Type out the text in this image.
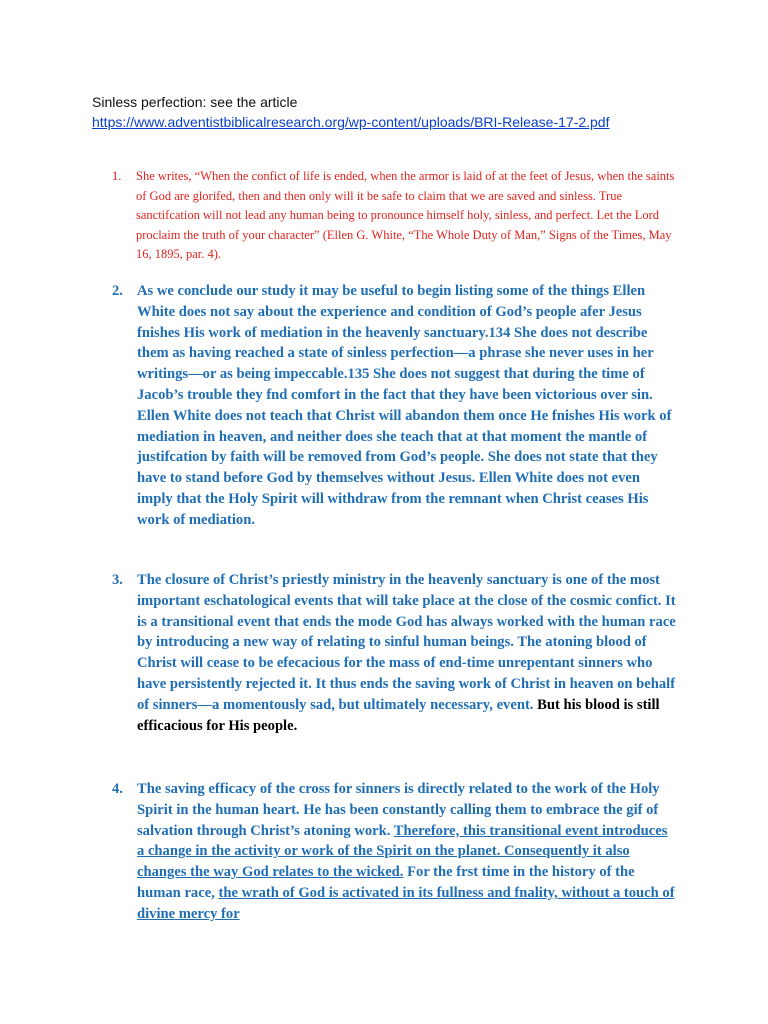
Sinless perfection: see the article
https://www.adventistbiblicalresearch.org/wp-content/uploads/BRI-Release-17-2.pdf
1. She writes, “When the confict of life is ended, when the armor is laid of at the feet of Jesus, when the saints of God are glorifed, then and then only will it be safe to claim that we are saved and sinless. True sanctifcation will not lead any human being to pronounce himself holy, sinless, and perfect. Let the Lord proclaim the truth of your character” (Ellen G. White, “The Whole Duty of Man,” Signs of the Times, May 16, 1895, par. 4).

2. As we conclude our study it may be useful to begin listing some of the things Ellen White does not say about the experience and condition of God’s people afer Jesus fnishes His work of mediation in the heavenly sanctuary.134 She does not describe them as having reached a state of sinless perfection—a phrase she never uses in her writings—or as being impeccable.135 She does not suggest that during the time of Jacob’s trouble they fnd comfort in the fact that they have been victorious over sin. Ellen White does not teach that Christ will abandon them once He fnishes His work of mediation in heaven, and neither does she teach that at that moment the mantle of justifcation by faith will be removed from God’s people. She does not state that they have to stand before God by themselves without Jesus. Ellen White does not even imply that the Holy Spirit will withdraw from the remnant when Christ ceases His work of mediation.

3. The closure of Christ’s priestly ministry in the heavenly sanctuary is one of the most important eschatological events that will take place at the close of the cosmic confict. It is a transitional event that ends the mode God has always worked with the human race by introducing a new way of relating to sinful human beings. The atoning blood of Christ will cease to be efecacious for the mass of end-time unrepentant sinners who have persistently rejected it. It thus ends the saving work of Christ in heaven on behalf of sinners—a momentously sad, but ultimately necessary, event. But his blood is still efficacious for His people.

4. The saving efficacy of the cross for sinners is directly related to the work of the Holy Spirit in the human heart. He has been constantly calling them to embrace the gif of salvation through Christ’s atoning work. Therefore, this transitional event introduces a change in the activity or work of the Spirit on the planet. Consequently it also changes the way God relates to the wicked. For the frst time in the history of the human race, the wrath of God is activated in its fullness and fnality, without a touch of divine mercy for
